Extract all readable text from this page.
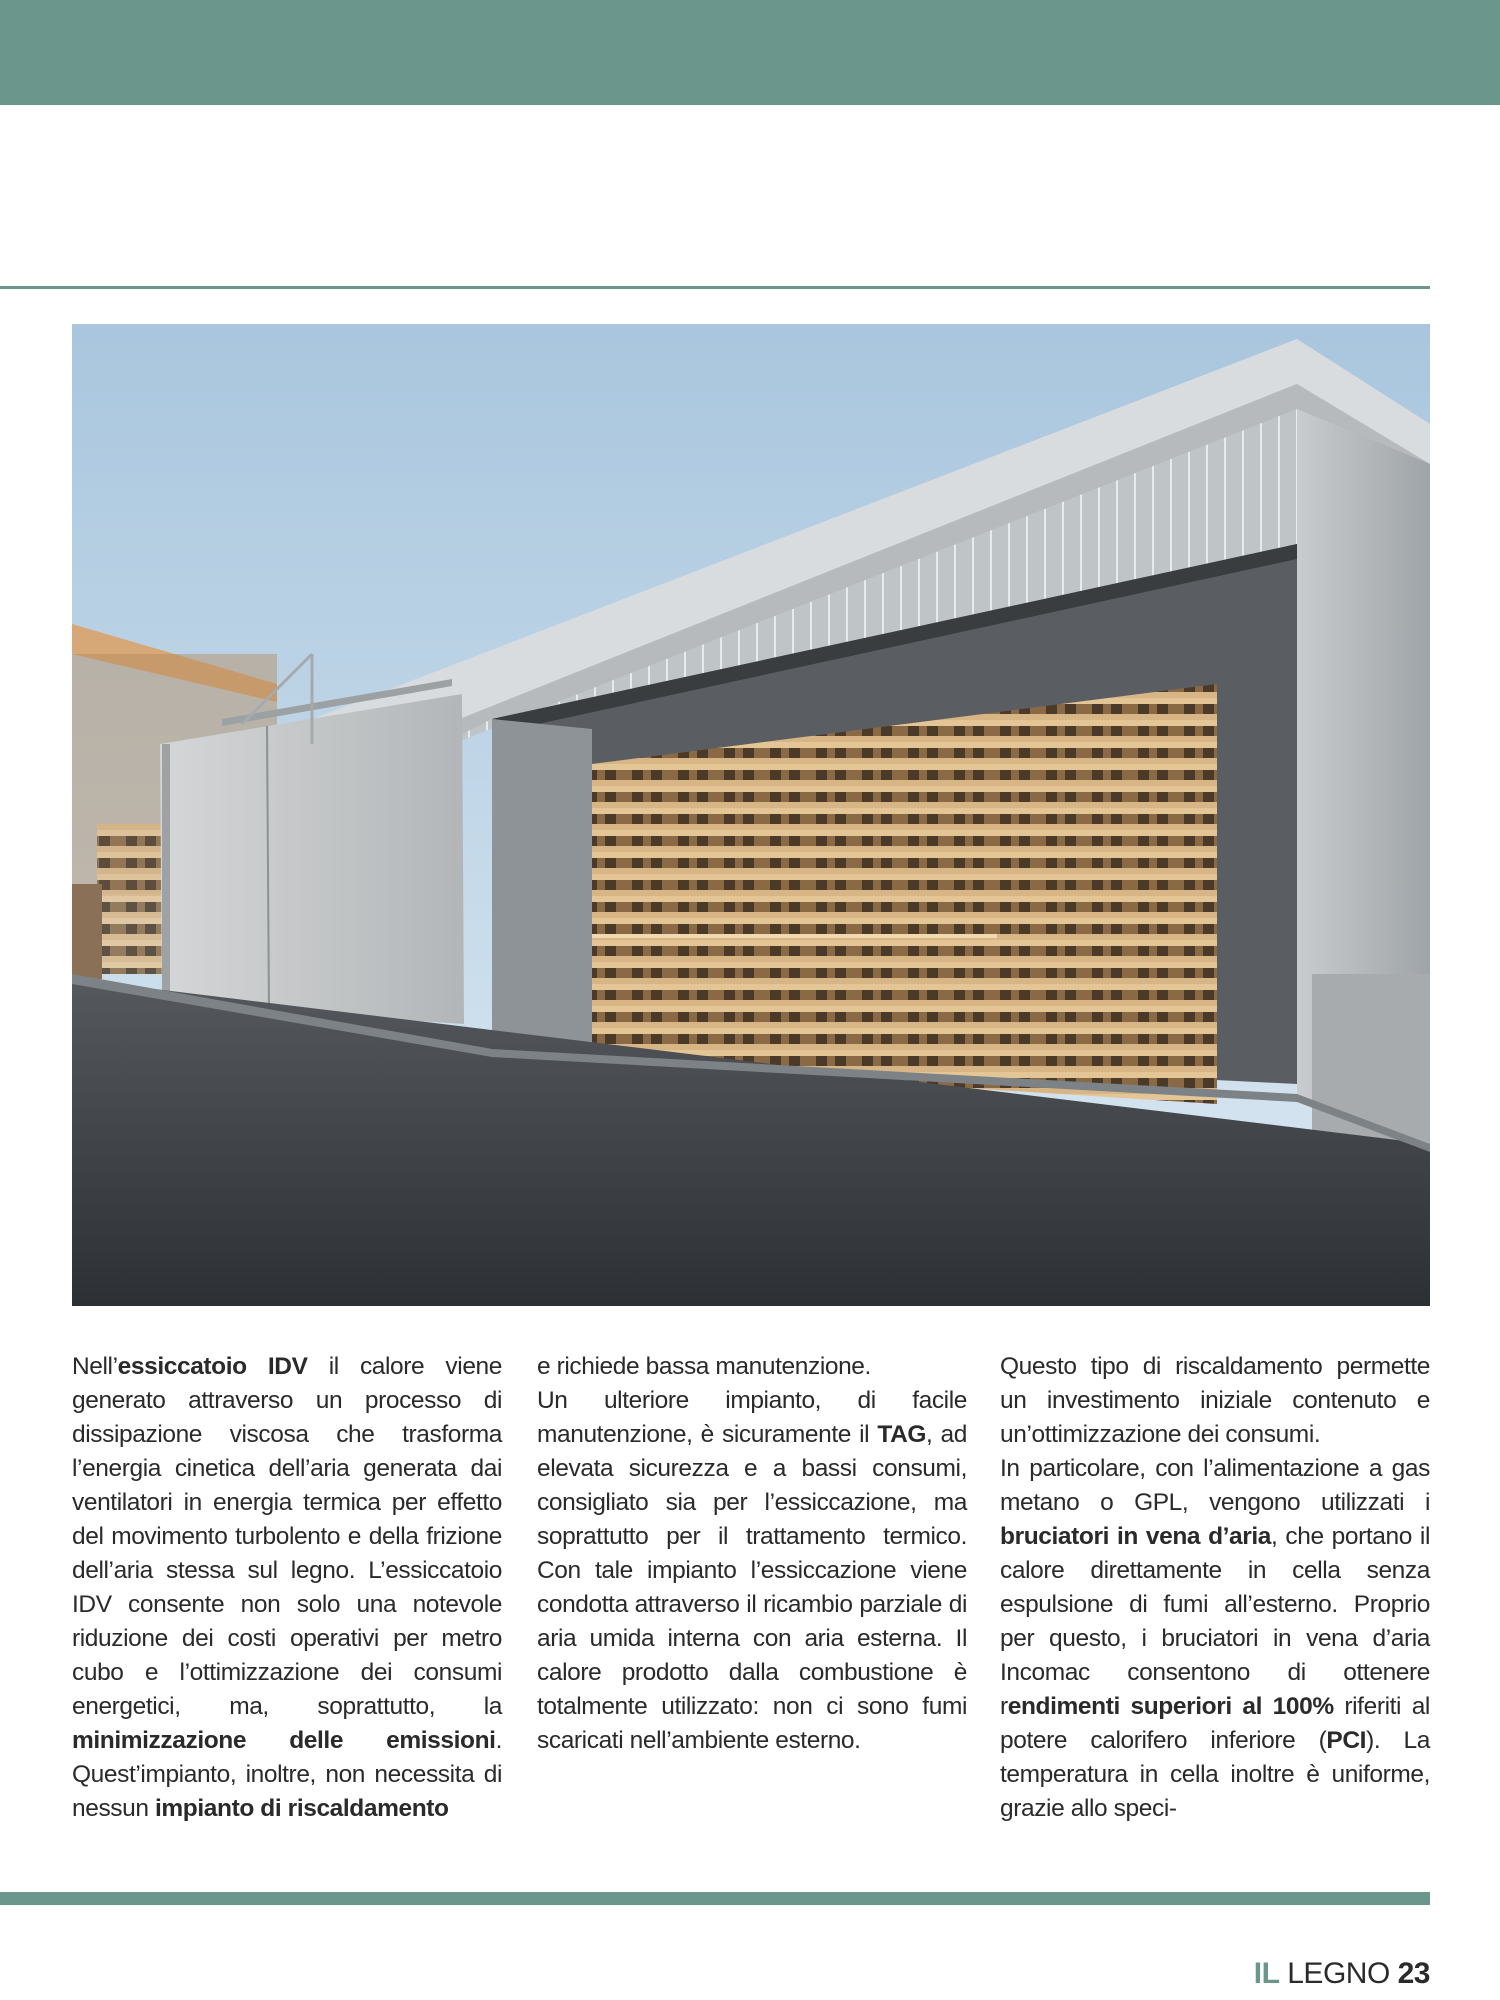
Nell’essiccatoio IDV il calore viene generato attraverso un processo di dissipazione viscosa che trasforma l’energia cinetica dell’aria generata dai ventilatori in energia termica per effetto del movimento turbolento e della frizione dell’aria stessa sul legno. L’essiccatoio IDV consente non solo una notevole riduzione dei costi operativi per metro cubo e l’ottimizzazione dei consumi energetici, ma, soprattutto, la minimizzazione delle emissioni. Quest’impianto, inoltre, non necessita di nessun impianto di riscaldamento

e richiede bassa manutenzione.

Un ulteriore impianto, di facile manutenzione, è sicuramente il TAG, ad elevata sicurezza e a bassi consumi, consigliato sia per l’essiccazione, ma soprattutto per il trattamento termico. Con tale impianto l’essiccazione viene condotta attraverso il ricambio parziale di aria umida interna con aria esterna. Il calore prodotto dalla combustione è totalmente utilizzato: non ci sono fumi scaricati nell’ambiente esterno.

Questo tipo di riscaldamento permette un investimento iniziale contenuto e un’ottimizzazione dei consumi.

In particolare, con l’alimentazione a gas metano o GPL, vengono utilizzati i bruciatori in vena d’aria, che portano il calore direttamente in cella senza espulsione di fumi all’esterno. Proprio per questo, i bruciatori in vena d’aria Incomac consentono di ottenere rendimenti superiori al 100% riferiti al potere calorifero inferiore (PCI). La temperatura in cella inoltre è uniforme, grazie allo speci-

IL LEGNO 23
